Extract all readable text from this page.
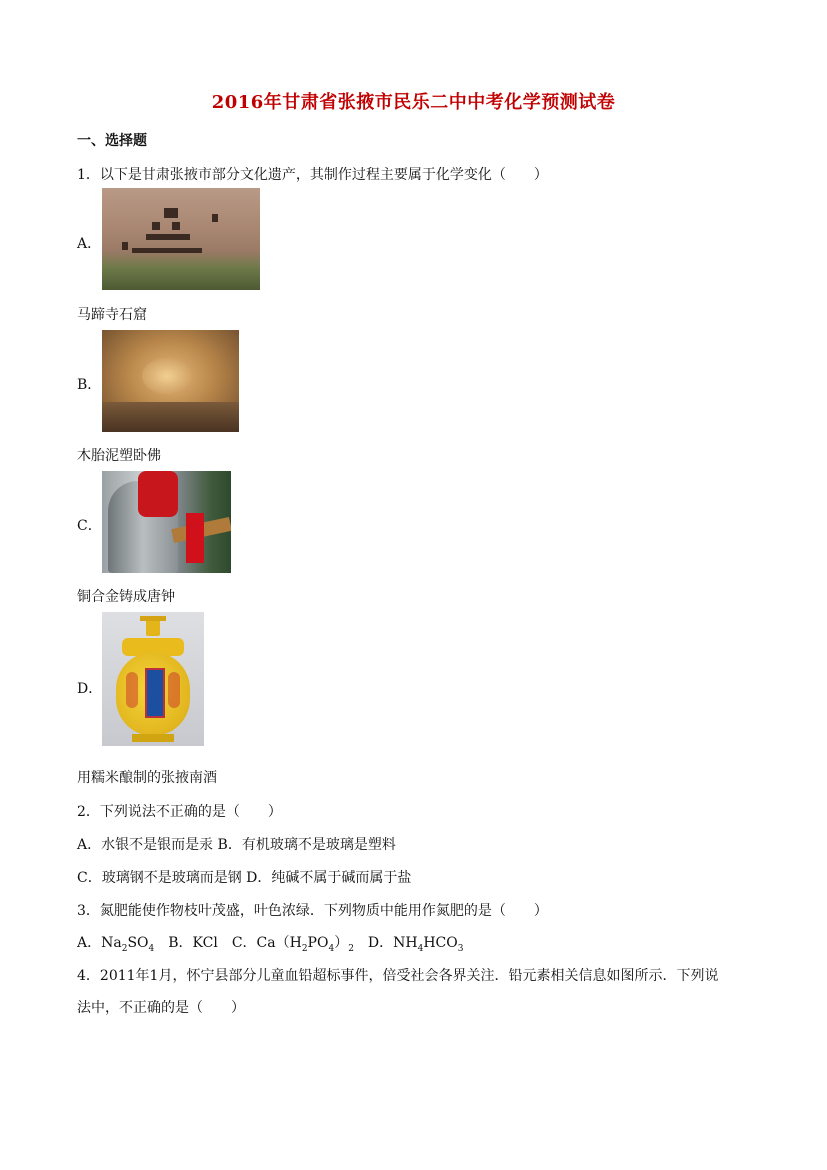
2016年甘肃省张掖市民乐二中中考化学预测试卷
一、选择题
1．以下是甘肃张掖市部分文化遗产，其制作过程主要属于化学变化（　　）
A．
马蹄寺石窟
B．
木胎泥塑卧佛
C．
铜合金铸成唐钟
D．
用糯米酿制的张掖南酒
2．下列说法不正确的是（　　）
A．水银不是银而是汞 B．有机玻璃不是玻璃是塑料
C．玻璃钢不是玻璃而是钢 D．纯碱不属于碱而属于盐
3．氮肥能使作物枝叶茂盛，叶色浓绿．下列物质中能用作氮肥的是（　　）
A．$Na_2SO_4$　B．KCl　C．$Ca(H_2PO_4)_2$　D．$NH_4HCO_3$
4．2011年1月，怀宁县部分儿童血铅超标事件，倍受社会各界关注．铅元素相关信息如图所示．下列说
法中，不正确的是（　　）
